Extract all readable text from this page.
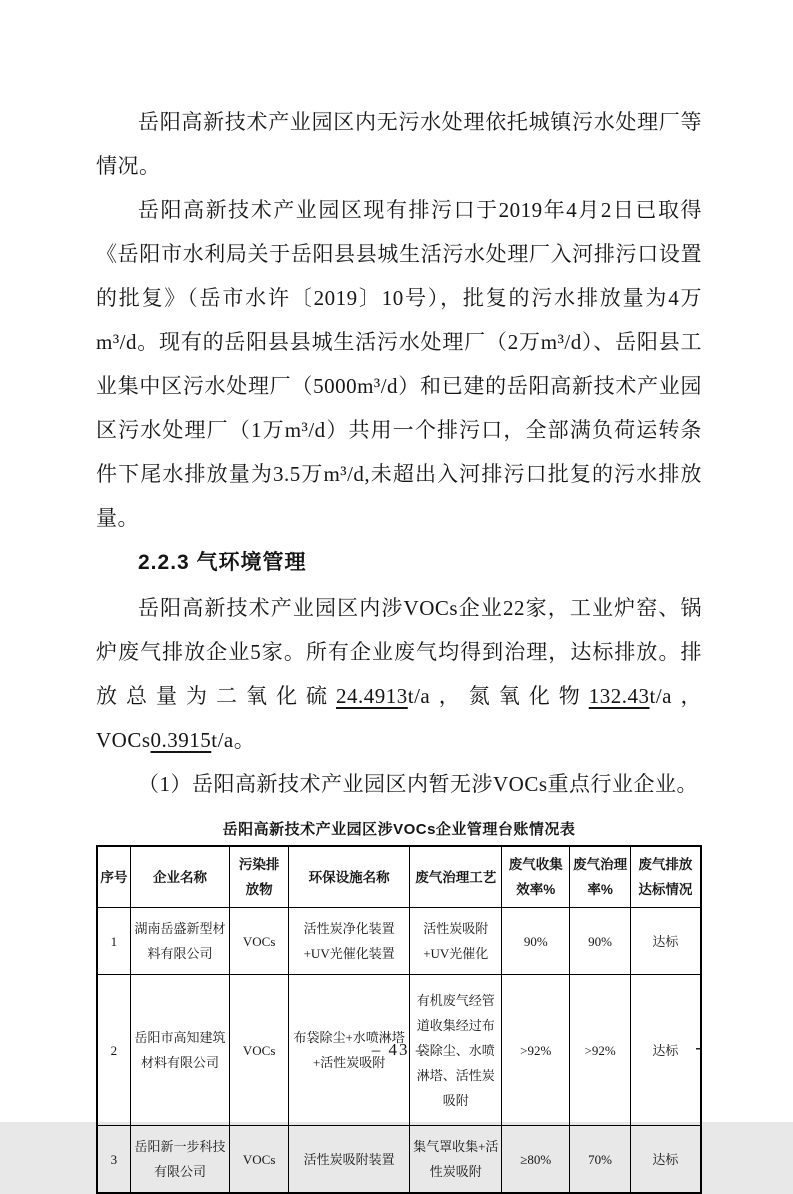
岳阳高新技术产业园区内无污水处理依托城镇污水处理厂等情况。

岳阳高新技术产业园区现有排污口于2019年4月2日已取得《岳阳市水利局关于岳阳县县城生活污水处理厂入河排污口设置的批复》（岳市水许〔2019〕10号），批复的污水排放量为4万m³/d。现有的岳阳县县城生活污水处理厂（2万m³/d）、岳阳县工业集中区污水处理厂（5000m³/d）和已建的岳阳高新技术产业园区污水处理厂（1万m³/d）共用一个排污口，全部满负荷运转条件下尾水排放量为3.5万m³/d,未超出入河排污口批复的污水排放量。

2.2.3 气环境管理

岳阳高新技术产业园区内涉VOCs企业22家，工业炉窑、锅炉废气排放企业5家。所有企业废气均得到治理，达标排放。排放总量为二氧化硫24.4913t/a，氮氧化物132.43t/a，VOCs0.3915t/a。

（1）岳阳高新技术产业园区内暂无涉VOCs重点行业企业。

岳阳高新技术产业园区涉VOCs企业管理台账情况表
序号	企业名称	污染排放物	环保设施名称	废气治理工艺	废气收集效率%	废气治理率%	废气排放达标情况
1	湖南岳盛新型材料有限公司	VOCs	活性炭净化装置+UV光催化装置	活性炭吸附+UV光催化	90%	90%	达标
2	岳阳市高知建筑材料有限公司	VOCs	布袋除尘+水喷淋塔+活性炭吸附	有机废气经管道收集经过布袋除尘、水喷淋塔、活性炭吸附	>92%	>92%	达标
3	岳阳新一步科技有限公司	VOCs	活性炭吸附装置	集气罩收集+活性炭吸附	≥80%	70%	达标
– 43 –	-
